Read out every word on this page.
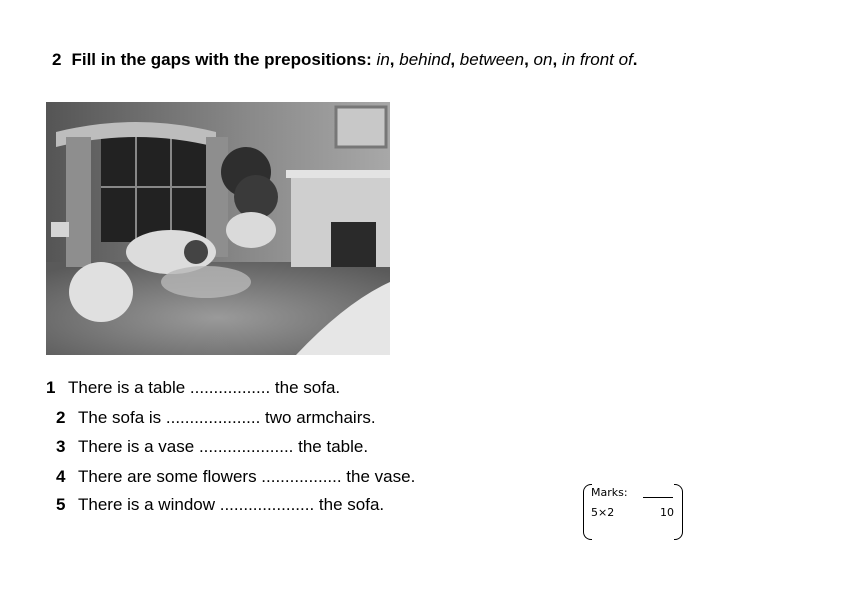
2 Fill in the gaps with the prepositions: in, behind, between, on, in front of.
1 There is a table ................. the sofa.
2 The sofa is .................... two armchairs.
3 There is a vase .................... the table.
4 There are some flowers ................. the vase.
5 There is a window .................... the sofa.
Marks:
5×2	10
